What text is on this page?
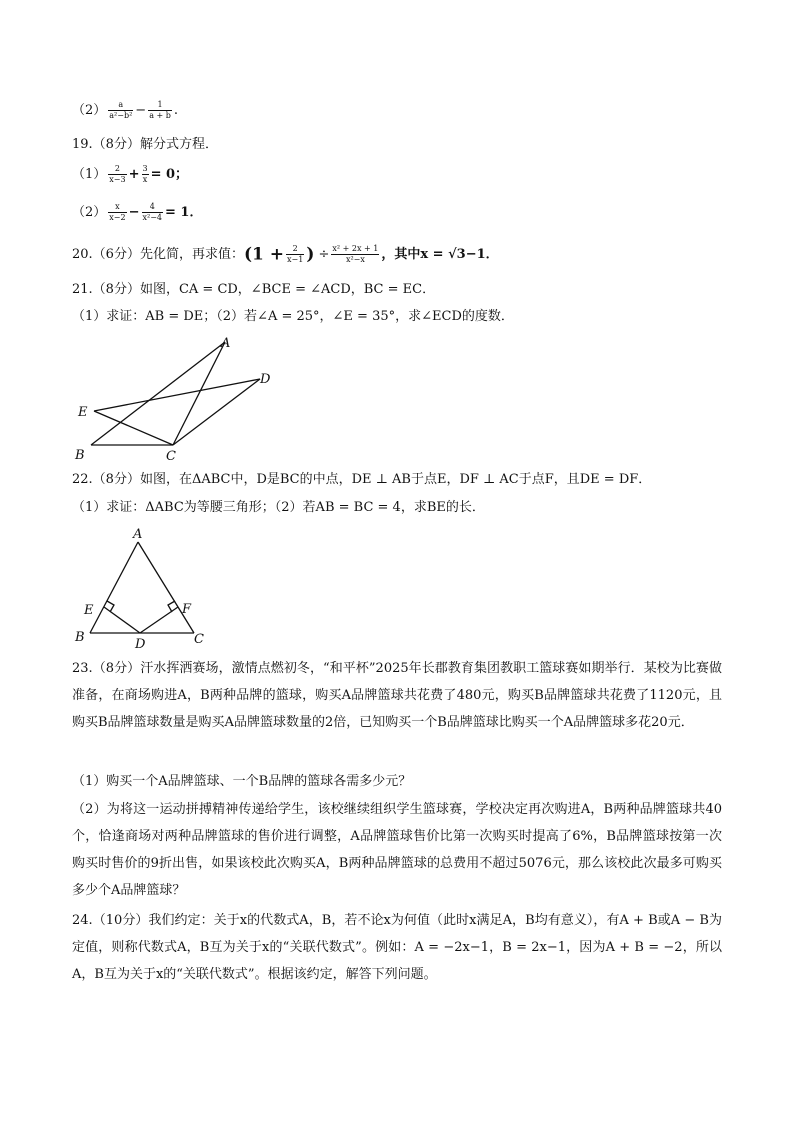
$(2) \frac{a}{\text{a²−b²}} - \frac{1}{a + b}$ .
19.（8分）解分式方程．
$(1) \frac{2}{x-3} + \frac{3}{x} = 0$；
$(2) \frac{x}{x-2} - \frac{4}{\text{x²−4}} = 1$．
20.（6分）先化简，再求值：($1 + \frac{2}{x-1}$ ) ÷ $\frac{\text{x² + 2x + 1}}{\text{x²−x}}$ ，其中x = √3−1．
21.（8分）如图，CA = CD，∠BCE = ∠ACD，BC = EC．
（1）求证：AB = DE；（2）若∠A = 25°，∠E = 35°，求∠ECD的度数．
A
D
E
B	C
22.（8分）如图，在ΔABC中，D是BC的中点，DE ⊥ AB于点E，DF ⊥ AC于点F，且DE = DF．
（1）求证：ΔABC为等腰三角形；（2）若AB = BC = 4，求BE的长．
A
E	F
B	D	C
23.（8分）汗水挥洒赛场，激情点燃初冬，“和平杯”2025年长郡教育集团教职工篮球赛如期举行．某校为比赛做准备，在商场购进A，B两种品牌的篮球，购买A品牌篮球共花费了480元，购买B品牌篮球共花费了1120元，且购买B品牌篮球数量是购买A品牌篮球数量的2倍，已知购买一个B品牌篮球比购买一个A品牌篮球多花20元．
（1）购买一个A品牌篮球、一个B品牌的篮球各需多少元？
（2）为将这一运动拼搏精神传递给学生，该校继续组织学生篮球赛，学校决定再次购进A，B两种品牌篮球共40个，恰逢商场对两种品牌篮球的售价进行调整，A品牌篮球售价比第一次购买时提高了6%，B品牌篮球按第一次购买时售价的9折出售，如果该校此次购买A，B两种品牌篮球的总费用不超过5076元，那么该校此次最多可购买多少个A品牌篮球？
24.（10分）我们约定：关于x的代数式A，B，若不论x为何值（此时x满足A，B均有意义），有A + B或A − B为定值，则称代数式A，B互为关于x的“关联代数式”。例如：A = −2x−1，B = 2x−1，因为A + B = −2，所以A，B互为关于x的“关联代数式”。根据该约定，解答下列问题。
